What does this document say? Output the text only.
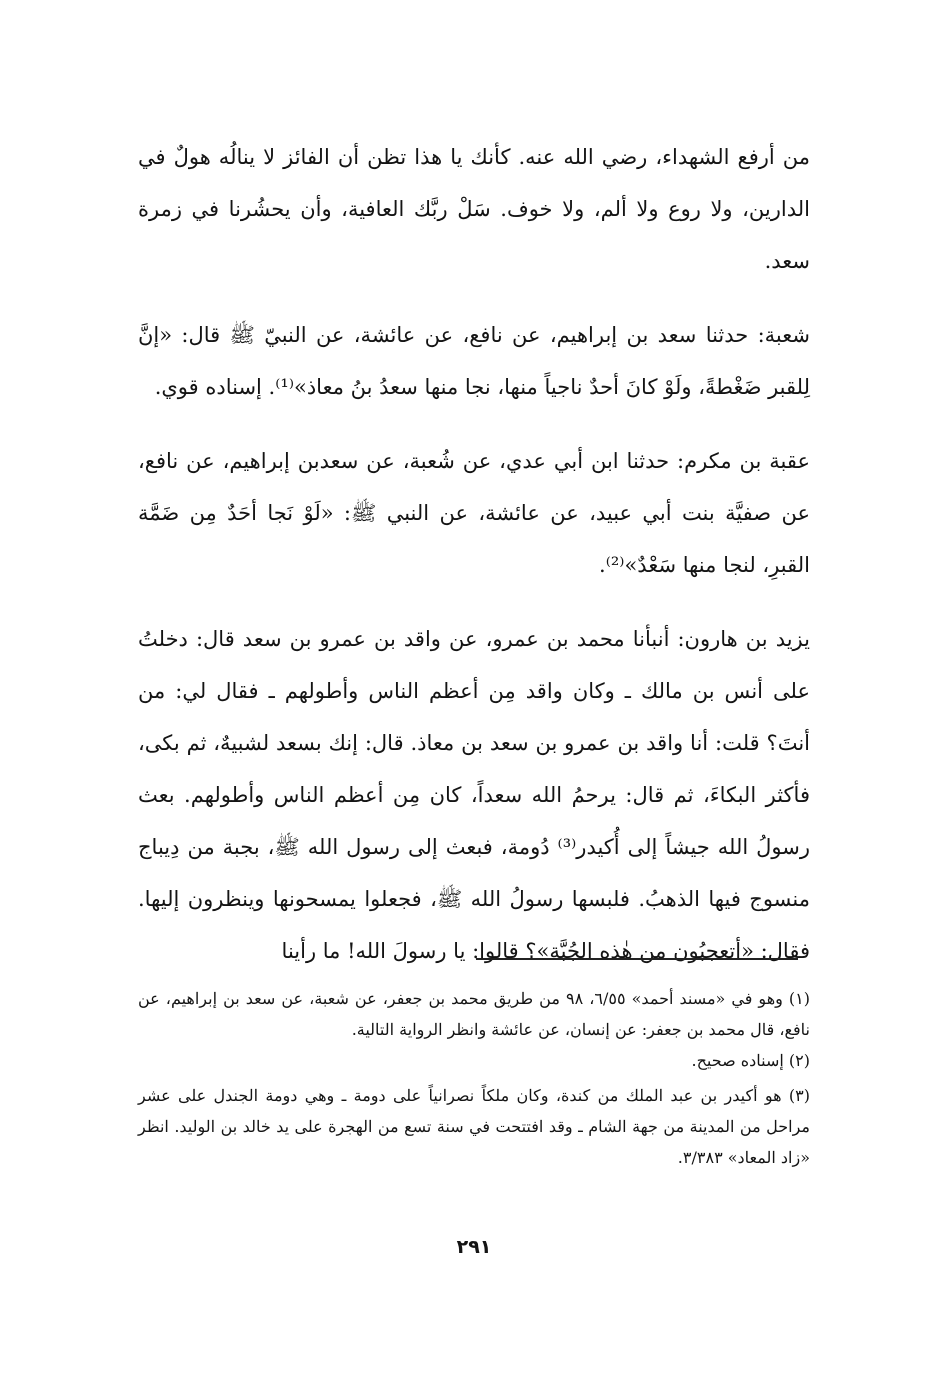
من أرفع الشهداء، رضي الله عنه. كأنك يا هذا تظن أن الفائز لا ينالُه هولٌ في الدارين، ولا روع ولا ألم، ولا خوف. سَلْ ربَّك العافية، وأن يحشُرنا في زمرة سعد.

شعبة: حدثنا سعد بن إبراهيم، عن نافع، عن عائشة، عن النبيّ ﷺ قال: «إنَّ لِلقبر ضَغْطةً، ولَوْ كانَ أحدٌ ناجياً منها، نجا منها سعدُ بنُ معاذ»⁽¹⁾. إسناده قوي.

عقبة بن مكرم: حدثنا ابن أبي عدي، عن شُعبة، عن سعدبن إبراهيم، عن نافع، عن صفيَّة بنت أبي عبيد، عن عائشة، عن النبي ﷺ: «لَوْ نَجا أحَدٌ مِن ضَمَّة القبرِ، لنجا منها سَعْدٌ»⁽²⁾.

يزيد بن هارون: أنبأنا محمد بن عمرو، عن واقد بن عمرو بن سعد قال: دخلتُ على أنس بن مالك ـ وكان واقد مِن أعظم الناس وأطولهم ـ فقال لي: من أنتَ؟ قلت: أنا واقد بن عمرو بن سعد بن معاذ. قال: إنك بسعد لشبيهٌ، ثم بكى، فأكثر البكاءَ، ثم قال: يرحمُ الله سعداً، كان مِن أعظم الناس وأطولهم. بعث رسولُ الله جيشاً إلى أُكيدر⁽³⁾ دُومة، فبعث إلى رسول الله ﷺ، بجبة من دِيباج منسوج فيها الذهبُ. فلبسها رسولُ الله ﷺ، فجعلوا يمسحونها وينظرون إليها. فقال: «أتعجبُون من هٰذه الجُبَّة»؟ قالوا: يا رسولَ الله! ما رأينا

(١) وهو في «مسند أحمد» ٦/٥٥، ٩٨ من طريق محمد بن جعفر، عن شعبة، عن سعد بن إبراهيم، عن نافع، قال محمد بن جعفر: عن إنسان، عن عائشة وانظر الرواية التالية.

(٢) إسناده صحيح.

(٣) هو أكيدر بن عبد الملك من كندة، وكان ملكاً نصرانياً على دومة ـ وهي دومة الجندل على عشر مراحل من المدينة من جهة الشام ـ وقد افتتحت في سنة تسع من الهجرة على يد خالد بن الوليد. انظر «زاد المعاد» ٣/٣٨٣.

٢٩١
